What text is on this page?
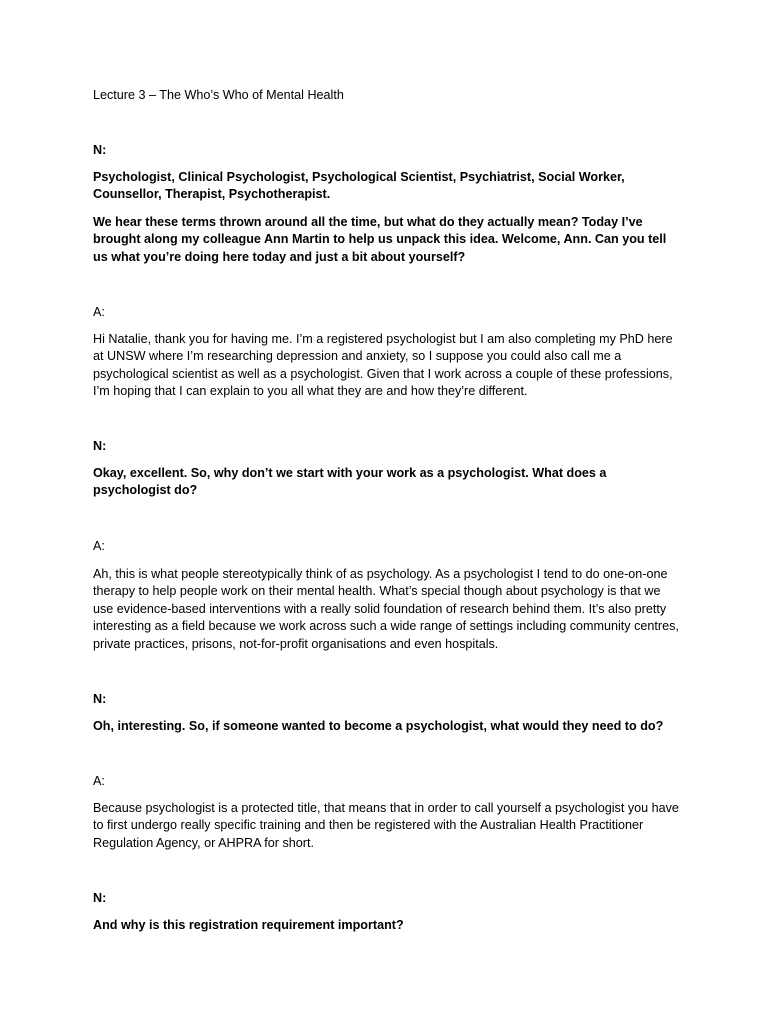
Lecture 3 – The Who’s Who of Mental Health
N:
Psychologist, Clinical Psychologist, Psychological Scientist, Psychiatrist, Social Worker, Counsellor, Therapist, Psychotherapist.
We hear these terms thrown around all the time, but what do they actually mean? Today I’ve brought along my colleague Ann Martin to help us unpack this idea. Welcome, Ann. Can you tell us what you’re doing here today and just a bit about yourself?
A:
Hi Natalie, thank you for having me. I’m a registered psychologist but I am also completing my PhD here at UNSW where I’m researching depression and anxiety, so I suppose you could also call me a psychological scientist as well as a psychologist. Given that I work across a couple of these professions, I’m hoping that I can explain to you all what they are and how they’re different.
N:
Okay, excellent. So, why don’t we start with your work as a psychologist. What does a psychologist do?
A:
Ah, this is what people stereotypically think of as psychology. As a psychologist I tend to do one-on-one therapy to help people work on their mental health. What’s special though about psychology is that we use evidence-based interventions with a really solid foundation of research behind them. It’s also pretty interesting as a field because we work across such a wide range of settings including community centres, private practices, prisons, not-for-profit organisations and even hospitals.
N:
Oh, interesting. So, if someone wanted to become a psychologist, what would they need to do?
A:
Because psychologist is a protected title, that means that in order to call yourself a psychologist you have to first undergo really specific training and then be registered with the Australian Health Practitioner Regulation Agency, or AHPRA for short.
N:
And why is this registration requirement important?
